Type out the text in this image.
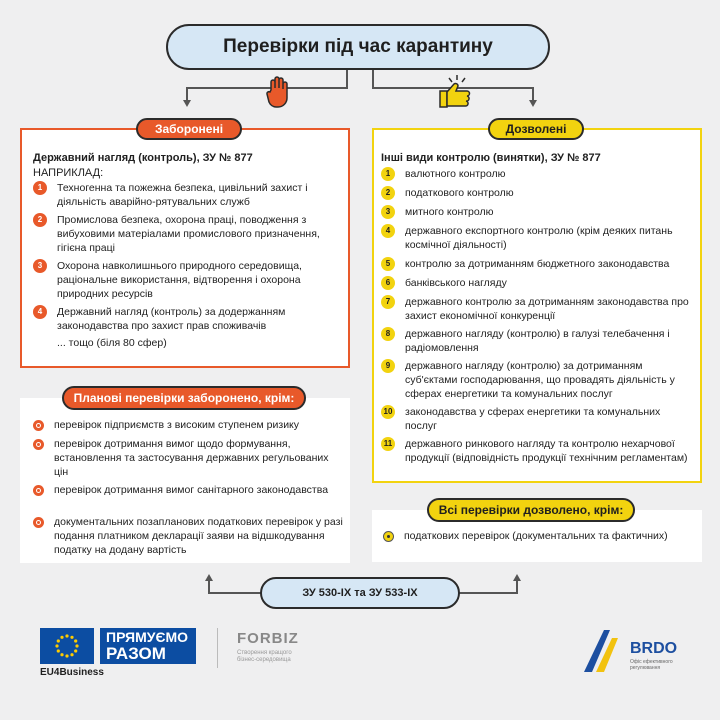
Перевірки під час карантину
Заборонені
Державний нагляд (контроль), ЗУ № 877
НАПРИКЛАД:
1	Техногенна та пожежна безпека, цивільний захист і діяльність аварійно-рятувальних служб
2	Промислова безпека, охорона праці, поводження з вибуховими матеріалами промислового призначення, гігієна праці
3	Охорона навколишнього природного середовища, раціональне використання, відтворення і охорона природних ресурсів
4	Державний нагляд (контроль) за додержанням законодавства про захист прав споживачів
... тощо (біля 80 сфер)
Дозволені
Інші види контролю (винятки), ЗУ № 877
1	валютного контролю
2	податкового контролю
3	митного контролю
4	державного експортного контролю (крім деяких питань космічної діяльності)
5	контролю за дотриманням бюджетного законодавства
6	банківського нагляду
7	державного контролю за дотриманням законодавства про захист економічної конкуренції
8	державного нагляду (контролю) в галузі телебачення і радіомовлення
9	державного нагляду (контролю) за дотриманням суб'єктами господарювання, що провадять діяльність у сферах енергетики та комунальних послуг
10 законодавства у сферах енергетики та комунальних послуг
11 державного ринкового нагляду та контролю нехарчової продукції (відповідність продукції технічним регламентам)
Планові перевірки заборонено, крім:
перевірок підприємств з високим ступенем ризику
перевірок дотримання вимог щодо формування, встановлення та застосування державних регульованих цін
перевірок дотримання вимог санітарного законодавства
документальних позапланових податкових перевірок у разі подання платником декларації заяви на відшкодування податку на додану вартість
Всі перевірки дозволено, крім:
податкових перевірок (документальних та фактичних)
ЗУ 530-IX та ЗУ 533-IX
EU4Business
ПРЯМУЄМО
РАЗОМ
FORBIZ
Створення кращого бізнес-середовища
BRDO
Офіс ефективного регулювання
